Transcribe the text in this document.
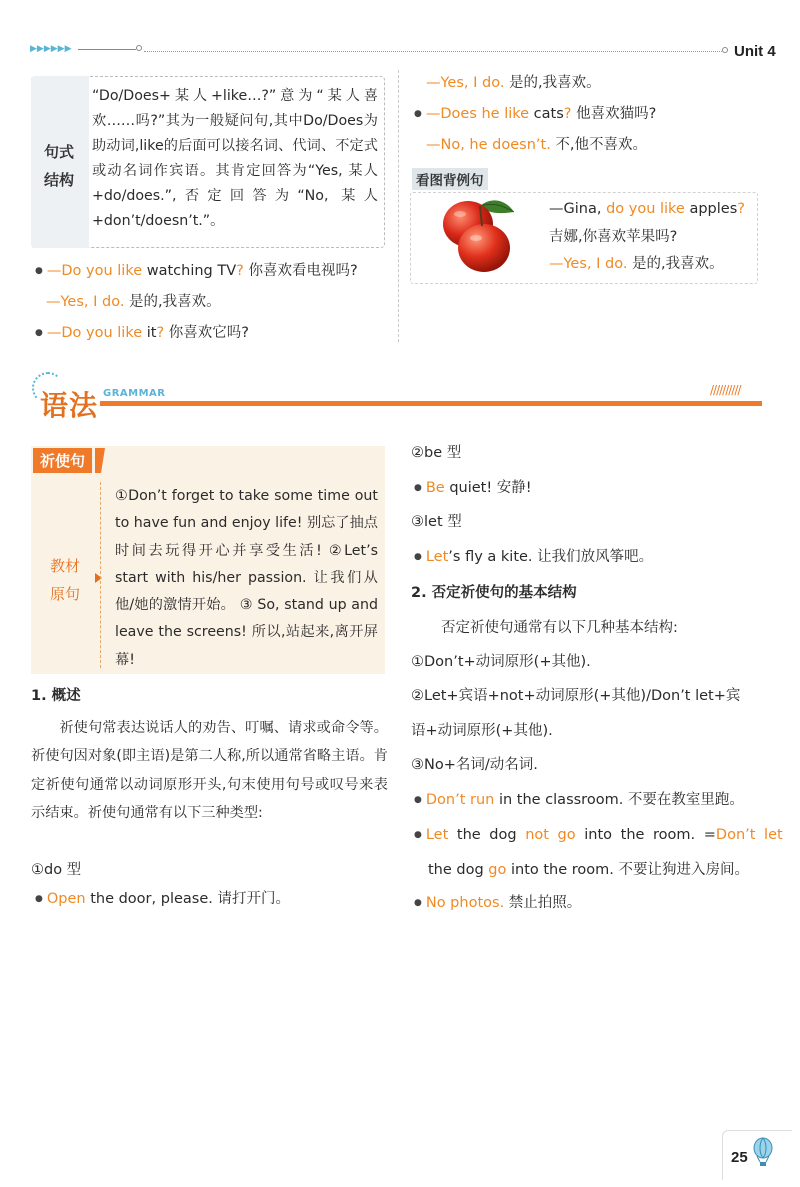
▶▶▶▶▶▶	Unit 4
句式结构
“Do/Does+某人+like…?”意为“某人喜欢……吗?”其为一般疑问句,其中Do/Does为助动词,like的后面可以接名词、代词、不定式或动名词作宾语。其肯定回答为“Yes, 某人+do/does.”,否定回答为“No, 某人+don’t/doesn’t.”。
● —Do you like watching TV? 你喜欢看电视吗?
—Yes, I do. 是的,我喜欢。
● —Do you like it? 你喜欢它吗?
—Yes, I do. 是的,我喜欢。
● —Does he like cats? 他喜欢猫吗?
—No, he doesn’t. 不,他不喜欢。
看图背例句
—Gina, do you like apples?
吉娜,你喜欢苹果吗?
—Yes, I do. 是的,我喜欢。
语法 GRAMMAR	//////////
祈使句
教材原句
①Don’t forget to take some time out to have fun and enjoy life! 别忘了抽点时间去玩得开心并享受生活! ②Let’s start with his/her passion. 让我们从他/她的激情开始。 ③ So, stand up and leave the screens! 所以,站起来,离开屏幕!
1. 概述
祈使句常表达说话人的劝告、叮嘱、请求或命令等。祈使句因对象(即主语)是第二人称,所以通常省略主语。肯定祈使句通常以动词原形开头,句末使用句号或叹号来表示结束。祈使句通常有以下三种类型:
①do 型
● Open the door, please. 请打开门。
②be 型
● Be quiet! 安静!
③let 型
● Let’s fly a kite. 让我们放风筝吧。
2. 否定祈使句的基本结构
否定祈使句通常有以下几种基本结构:
①Don’t+动词原形(+其他).
②Let+宾语+not+动词原形(+其他)/Don’t let+宾
语+动词原形(+其他).
③No+名词/动名词.
● Don’t run in the classroom. 不要在教室里跑。
● Let the dog not go into the room. =Don’t let
the dog go into the room. 不要让狗进入房间。
● No photos. 禁止拍照。
25
